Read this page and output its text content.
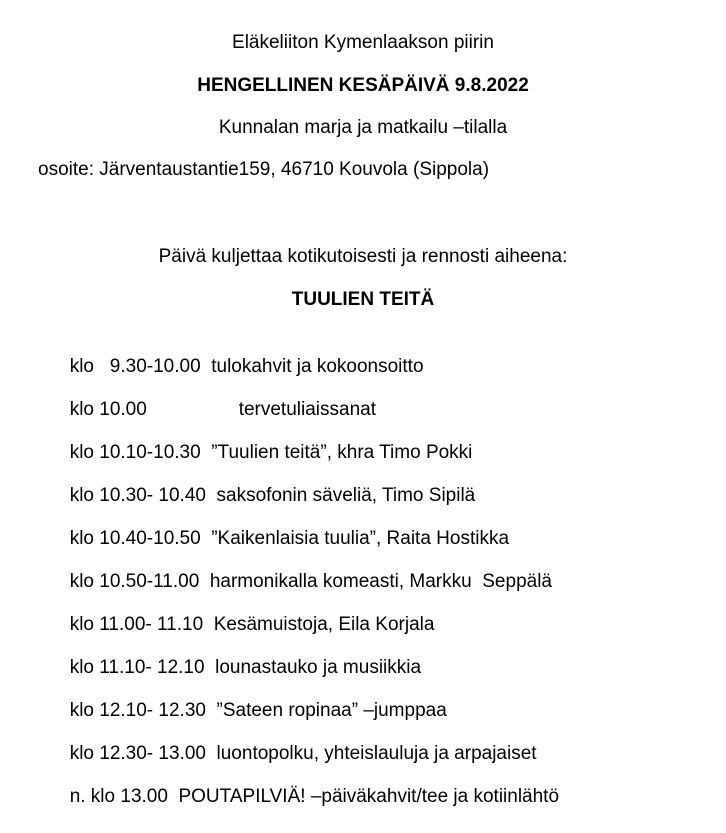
Eläkeliiton Kymenlaakson piirin
HENGELLINEN KESÄPÄIVÄ 9.8.2022
Kunnalan marja ja matkailu –tilalla
osoite: Järventaustantie159, 46710 Kouvola (Sippola)
Päivä kuljettaa kotikutoisesti ja rennosti aiheena:
TUULIEN TEITÄ

klo   9.30-10.00  tulokahvit ja kokoonsoitto

klo 10.00	tervetuliaissanat

klo 10.10-10.30  ”Tuulien teitä”, khra Timo Pokki

klo 10.30- 10.40  saksofonin säveliä, Timo Sipilä

klo 10.40-10.50  ”Kaikenlaisia tuulia”, Raita Hostikka

klo 10.50-11.00  harmonikalla komeasti, Markku  Seppälä

klo 11.00- 11.10  Kesämuistoja, Eila Korjala

klo 11.10- 12.10  lounastauko ja musiikkia

klo 12.10- 12.30  ”Sateen ropinaa” –jumppaa

klo 12.30- 13.00  luontopolku, yhteislauluja ja arpajaiset

n. klo 13.00  POUTAPILVIÄ! –päiväkahvit/tee ja kotiinlähtö
